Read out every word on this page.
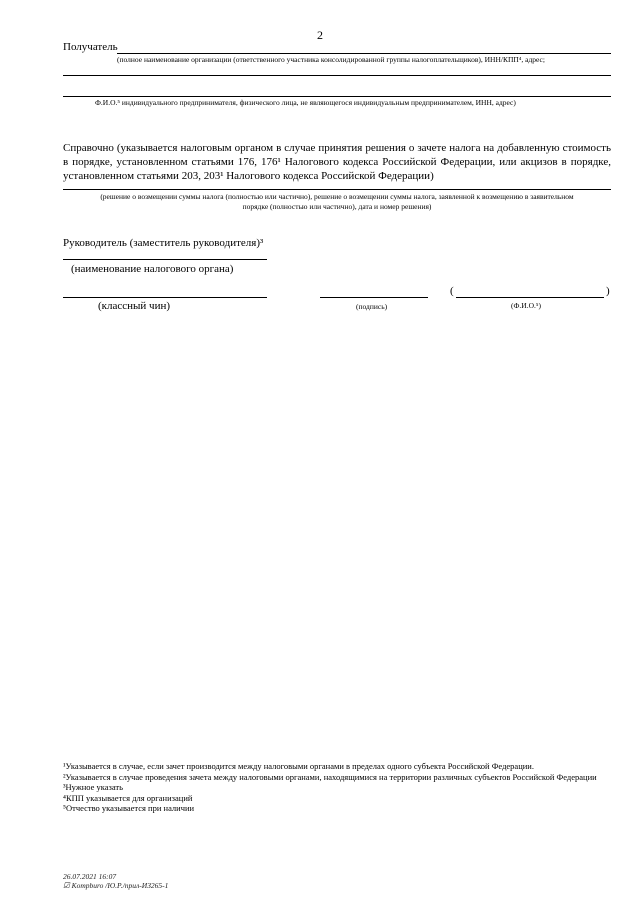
2
Получатель
(полное наименование организации (ответственного участника консолидированной группы налогоплательщиков), ИНН/КПП⁴, адрес;
Ф.И.О.⁵ индивидуального предпринимателя, физического лица, не являющегося индивидуальным предпринимателем, ИНН, адрес)
Справочно (указывается налоговым органом в случае принятия решения о зачете налога на добавленную стоимость в порядке, установленном статьями 176, 176¹ Налогового кодекса Российской Федерации, или акцизов в порядке, установленном статьями 203, 203¹ Налогового кодекса Российской Федерации)
(решение о возмещении суммы налога (полностью или частично), решение о возмещении суммы налога, заявленной к возмещению в заявительном
порядке (полностью или частично), дата и номер решения)
Руководитель (заместитель руководителя)³
(наименование налогового органа)
(классный чин)	(подпись)
(	)
(Ф.И.О.⁵)
¹Указывается в случае, если зачет производится между налоговыми органами в пределах одного субъекта Российской Федерации.
²Указывается в случае проведения зачета между налоговыми органами, находящимися на территории различных субъектов Российской Федерации
³Нужное указать
⁴КПП указывается для организаций
⁵Отчество указывается при наличии
26.07.2021 16:07
☑ Kompburo /Ю.Р./прил-ИЗ265-1
